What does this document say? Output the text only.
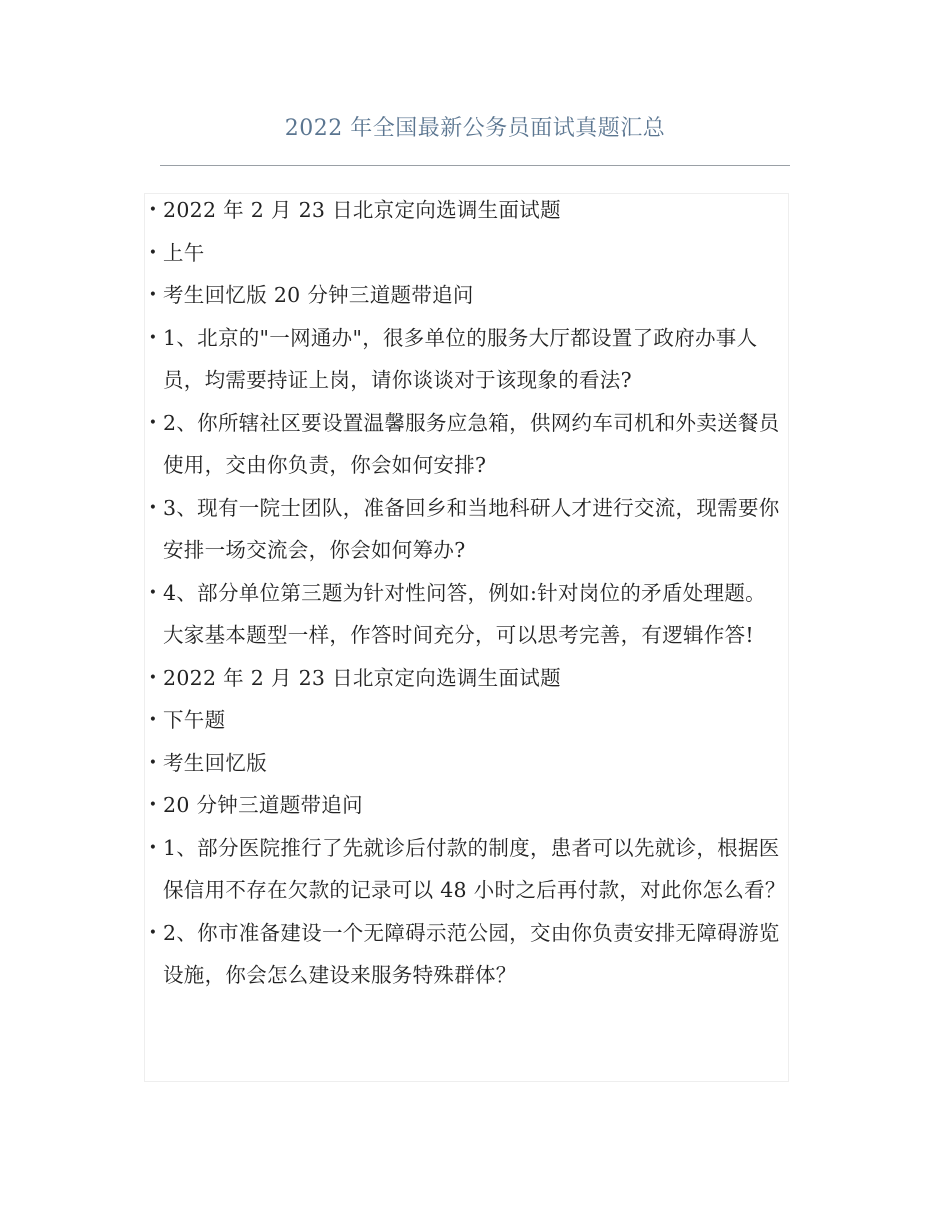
2022 年全国最新公务员面试真题汇总
• 2022 年 2 月 23 日北京定向选调生面试题
• 上午
• 考生回忆版 20 分钟三道题带追问
• 1、北京的"一网通办"，很多单位的服务大厅都设置了政府办事人员，均需要持证上岗，请你谈谈对于该现象的看法?
• 2、你所辖社区要设置温馨服务应急箱，供网约车司机和外卖送餐员使用，交由你负责，你会如何安排?
• 3、现有一院士团队，准备回乡和当地科研人才进行交流，现需要你安排一场交流会，你会如何筹办?
• 4、部分单位第三题为针对性问答，例如:针对岗位的矛盾处理题。大家基本题型一样，作答时间充分，可以思考完善，有逻辑作答!
• 2022 年 2 月 23 日北京定向选调生面试题
• 下午题
• 考生回忆版
• 20 分钟三道题带追问
• 1、部分医院推行了先就诊后付款的制度，患者可以先就诊，根据医保信用不存在欠款的记录可以 48 小时之后再付款，对此你怎么看？
• 2、你市准备建设一个无障碍示范公园，交由你负责安排无障碍游览设施，你会怎么建设来服务特殊群体？
